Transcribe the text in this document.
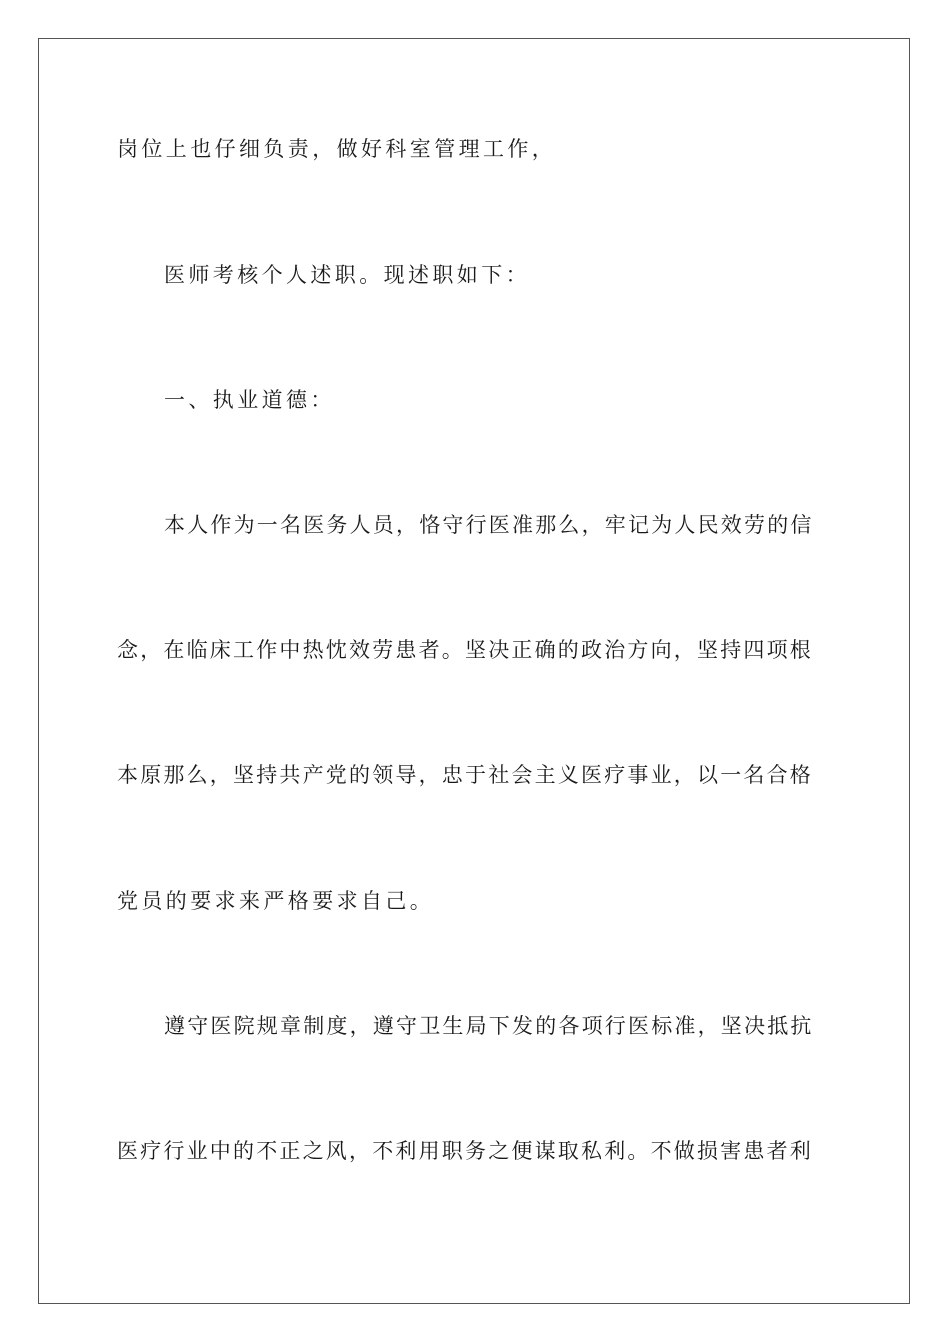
岗位上也仔细负责，做好科室管理工作，

医师考核个人述职。现述职如下：

一、执业道德：

本人作为一名医务人员，恪守行医准那么，牢记为人民效劳的信

念，在临床工作中热忱效劳患者。坚决正确的政治方向，坚持四项根

本原那么，坚持共产党的领导，忠于社会主义医疗事业，以一名合格

党员的要求来严格要求自己。

遵守医院规章制度，遵守卫生局下发的各项行医标准，坚决抵抗

医疗行业中的不正之风，不利用职务之便谋取私利。不做损害患者利
